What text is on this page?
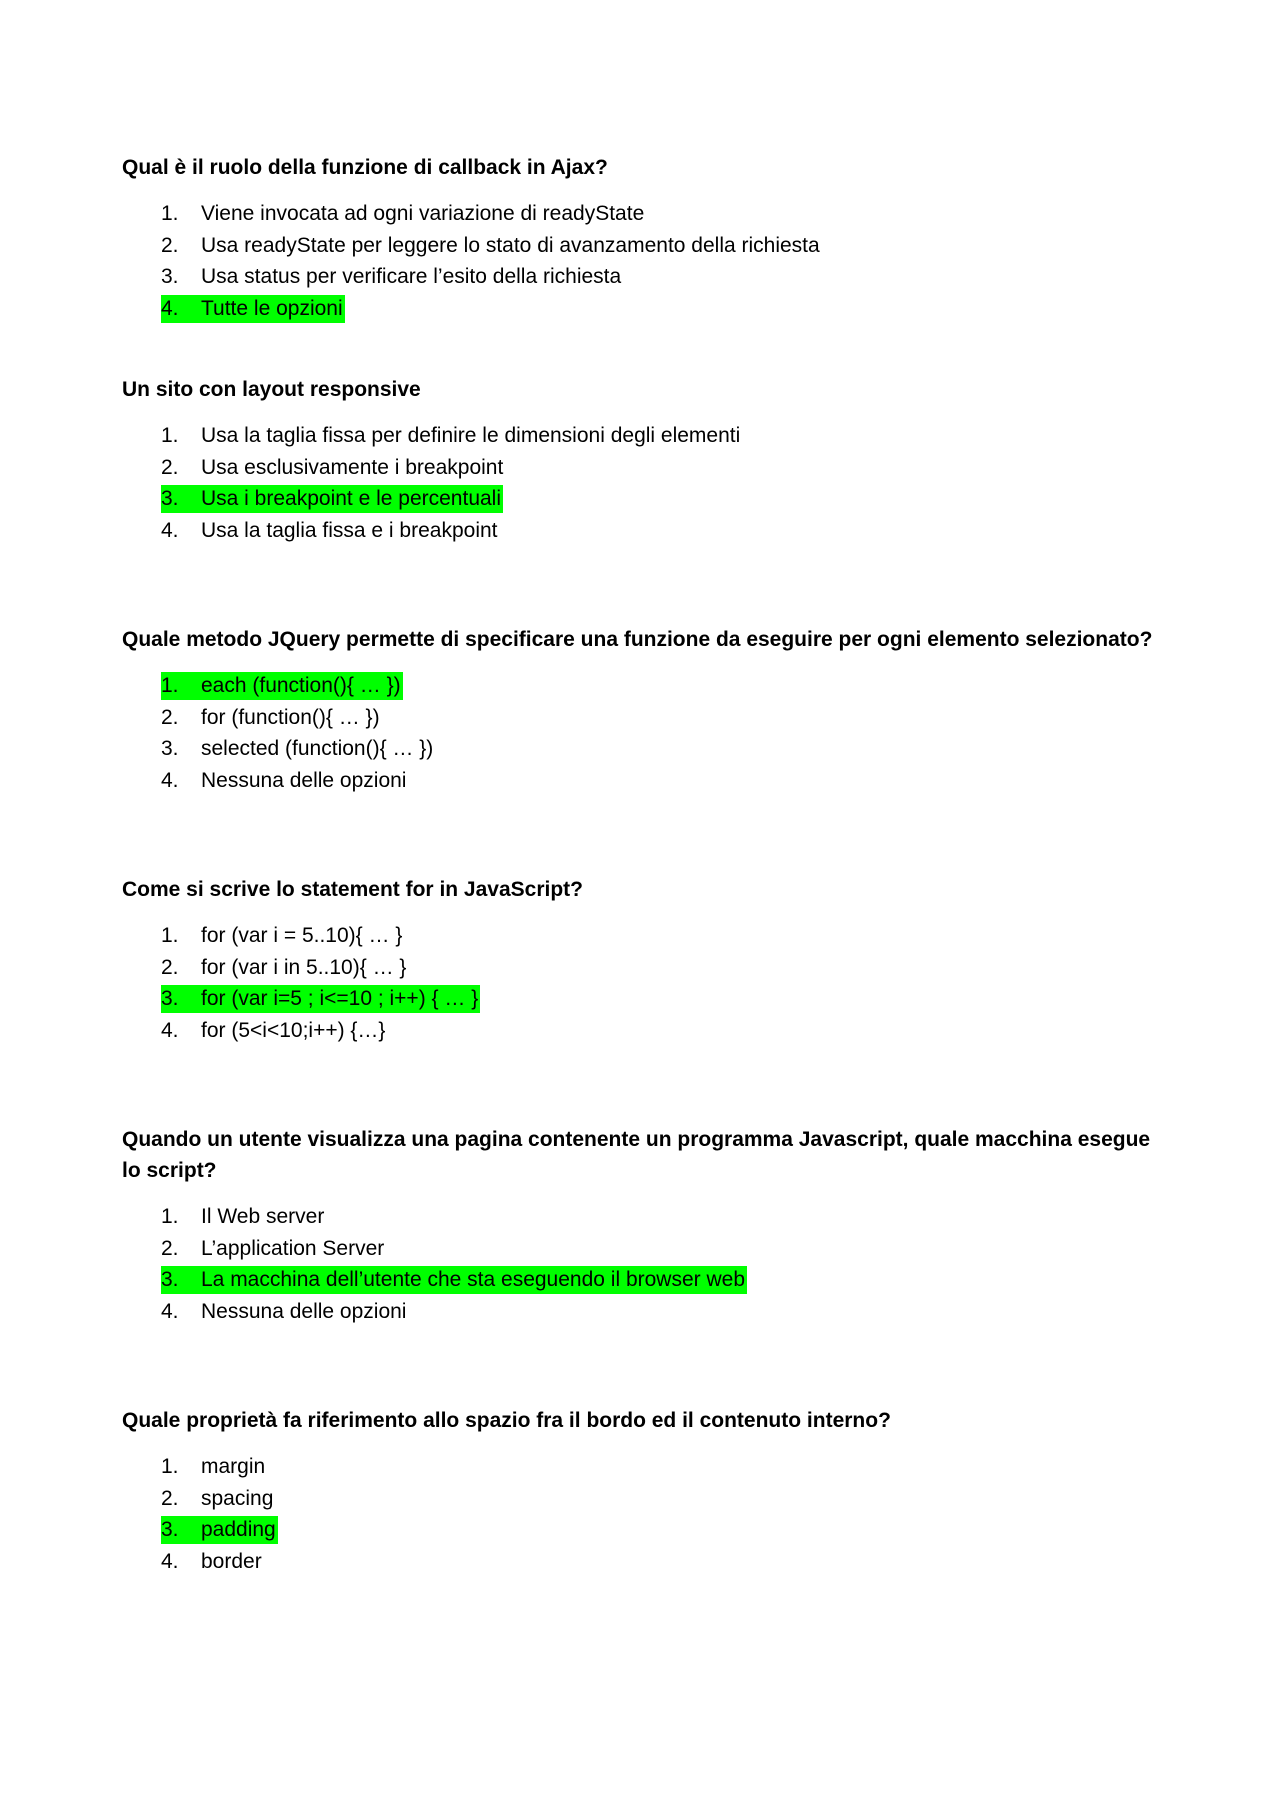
Qual è il ruolo della funzione di callback in Ajax?

1. Viene invocata ad ogni variazione di readyState
2. Usa readyState per leggere lo stato di avanzamento della richiesta
3. Usa status per verificare l’esito della richiesta
4. Tutte le opzioni

Un sito con layout responsive

1. Usa la taglia fissa per definire le dimensioni degli elementi
2. Usa esclusivamente i breakpoint
3. Usa i breakpoint e le percentuali
4. Usa la taglia fissa e i breakpoint

Quale metodo JQuery permette di specificare una funzione da eseguire per ogni elemento selezionato?

1. each (function(){ … })
2. for (function(){ … })
3. selected (function(){ … })
4. Nessuna delle opzioni

Come si scrive lo statement for in JavaScript?

1. for (var i = 5..10){ … }
2. for (var i in 5..10){ … }
3. for (var i=5 ; i<=10 ; i++) { … }
4. for (5<i<10;i++) {…}

Quando un utente visualizza una pagina contenente un programma Javascript, quale macchina esegue lo script?

1. Il Web server
2. L’application Server
3. La macchina dell’utente che sta eseguendo il browser web
4. Nessuna delle opzioni

Quale proprietà fa riferimento allo spazio fra il bordo ed il contenuto interno?

1. margin
2. spacing
3. padding
4. border
